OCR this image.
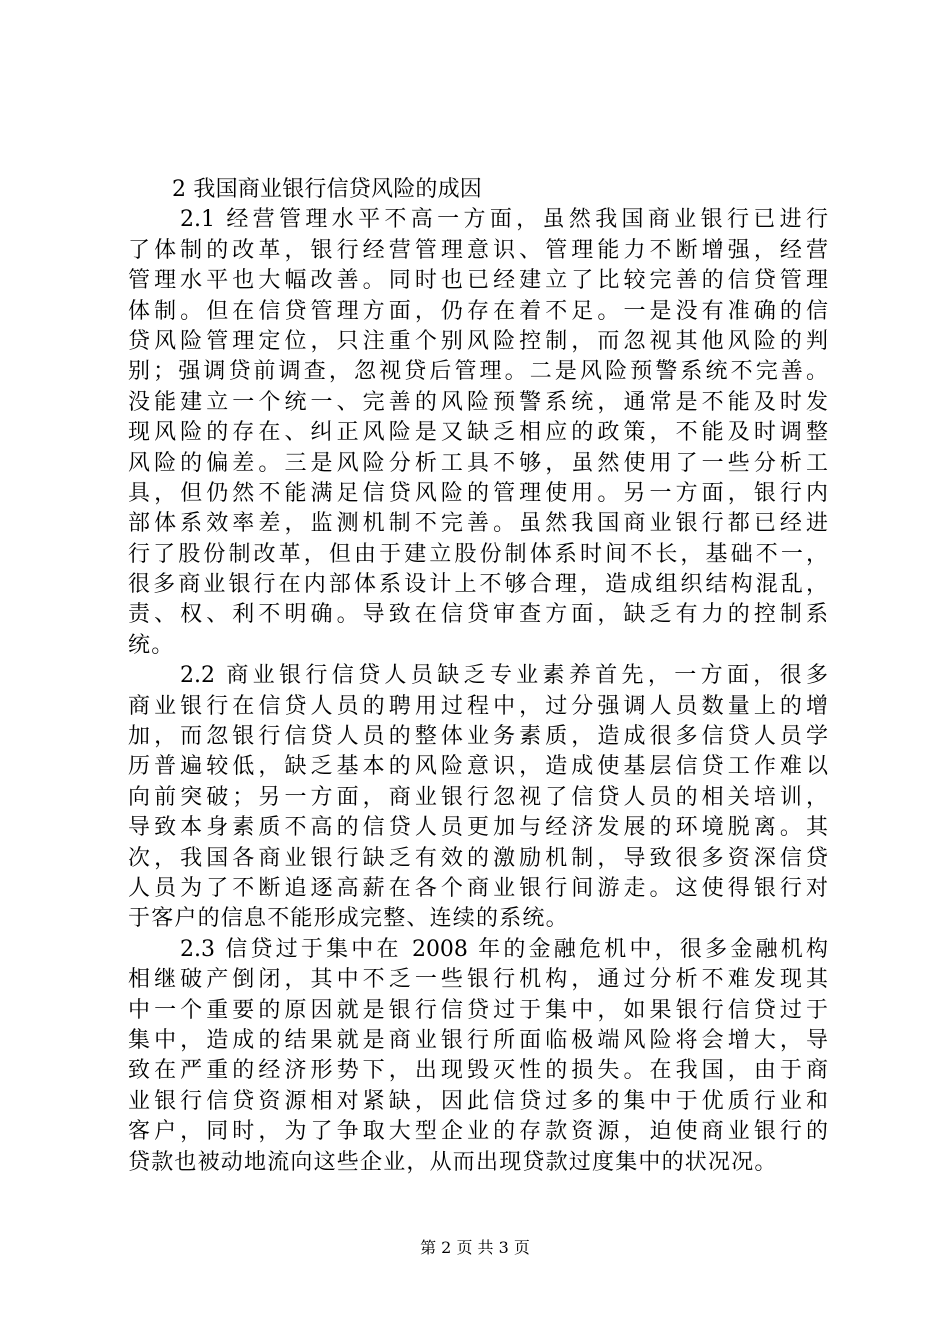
2 我国商业银行信贷风险的成因
2.1 经营管理水平不高一方面，虽然我国商业银行已进行
了体制的改革，银行经营管理意识、管理能力不断增强，经营
管理水平也大幅改善。同时也已经建立了比较完善的信贷管理
体制。但在信贷管理方面，仍存在着不足。一是没有准确的信
贷风险管理定位，只注重个别风险控制，而忽视其他风险的判
别；强调贷前调查，忽视贷后管理。二是风险预警系统不完善。
没能建立一个统一、完善的风险预警系统，通常是不能及时发
现风险的存在、纠正风险是又缺乏相应的政策，不能及时调整
风险的偏差。三是风险分析工具不够，虽然使用了一些分析工
具，但仍然不能满足信贷风险的管理使用。另一方面，银行内
部体系效率差，监测机制不完善。虽然我国商业银行都已经进
行了股份制改革，但由于建立股份制体系时间不长，基础不一，
很多商业银行在内部体系设计上不够合理，造成组织结构混乱，
责、权、利不明确。导致在信贷审查方面，缺乏有力的控制系
统。
2.2 商业银行信贷人员缺乏专业素养首先，一方面，很多
商业银行在信贷人员的聘用过程中，过分强调人员数量上的增
加，而忽银行信贷人员的整体业务素质，造成很多信贷人员学
历普遍较低，缺乏基本的风险意识，造成使基层信贷工作难以
向前突破；另一方面，商业银行忽视了信贷人员的相关培训，
导致本身素质不高的信贷人员更加与经济发展的环境脱离。其
次，我国各商业银行缺乏有效的激励机制，导致很多资深信贷
人员为了不断追逐高薪在各个商业银行间游走。这使得银行对
于客户的信息不能形成完整、连续的系统。
2.3 信贷过于集中在 2008 年的金融危机中，很多金融机构
相继破产倒闭，其中不乏一些银行机构，通过分析不难发现其
中一个重要的原因就是银行信贷过于集中，如果银行信贷过于
集中，造成的结果就是商业银行所面临极端风险将会增大，导
致在严重的经济形势下，出现毁灭性的损失。在我国，由于商
业银行信贷资源相对紧缺，因此信贷过多的集中于优质行业和
客户，同时，为了争取大型企业的存款资源，迫使商业银行的
贷款也被动地流向这些企业，从而出现贷款过度集中的状况况。
第 2 页 共 3 页
